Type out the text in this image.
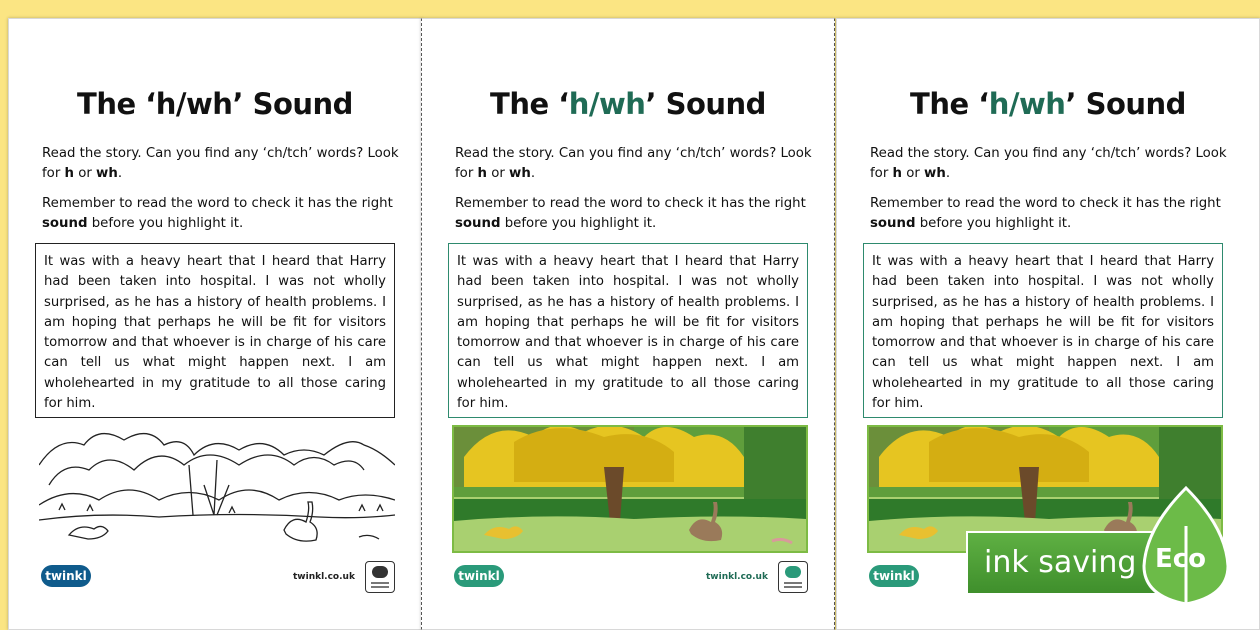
The ‘h/wh’ Sound

Read the story. Can you find any ‘ch/tch’ words? Look for h or wh.

Remember to read the word to check it has the right sound before you highlight it.

It was with a heavy heart that I heard that Harry had been taken into hospital. I was not wholly surprised, as he has a history of health problems. I am hoping that perhaps he will be fit for visitors tomorrow and that whoever is in charge of his care can tell us what might happen next. I am wholehearted in my gratitude to all those caring for him.
twinkl	twinkl.co.uk
The ‘h/wh’ Sound

Read the story. Can you find any ‘ch/tch’ words? Look for h or wh.

Remember to read the word to check it has the right sound before you highlight it.

It was with a heavy heart that I heard that Harry had been taken into hospital. I was not wholly surprised, as he has a history of health problems. I am hoping that perhaps he will be fit for visitors tomorrow and that whoever is in charge of his care can tell us what might happen next. I am wholehearted in my gratitude to all those caring for him.
twinkl	twinkl.co.uk
The ‘h/wh’ Sound

Read the story. Can you find any ‘ch/tch’ words? Look for h or wh.

Remember to read the word to check it has the right sound before you highlight it.

It was with a heavy heart that I heard that Harry had been taken into hospital. I was not wholly surprised, as he has a history of health problems. I am hoping that perhaps he will be fit for visitors tomorrow and that whoever is in charge of his care can tell us what might happen next. I am wholehearted in my gratitude to all those caring for him.
twinkl	ink saving Eco
